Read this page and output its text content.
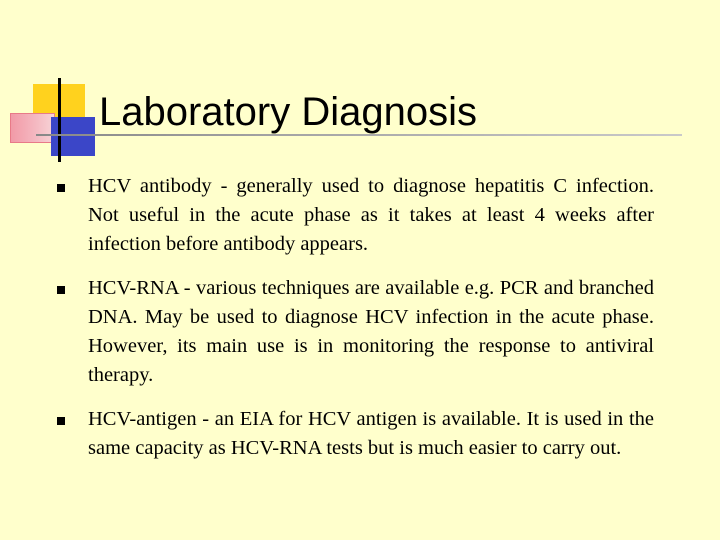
Laboratory Diagnosis
HCV antibody - generally used to diagnose hepatitis C infection. Not useful in the acute phase as it takes at least 4 weeks after infection before antibody appears.
HCV-RNA - various techniques are available e.g. PCR and branched DNA. May be used to diagnose HCV infection in the acute phase. However, its main use is in monitoring the response to antiviral therapy.
HCV-antigen - an EIA for HCV antigen is available. It is used in the same capacity as HCV-RNA tests but is much easier to carry out.
